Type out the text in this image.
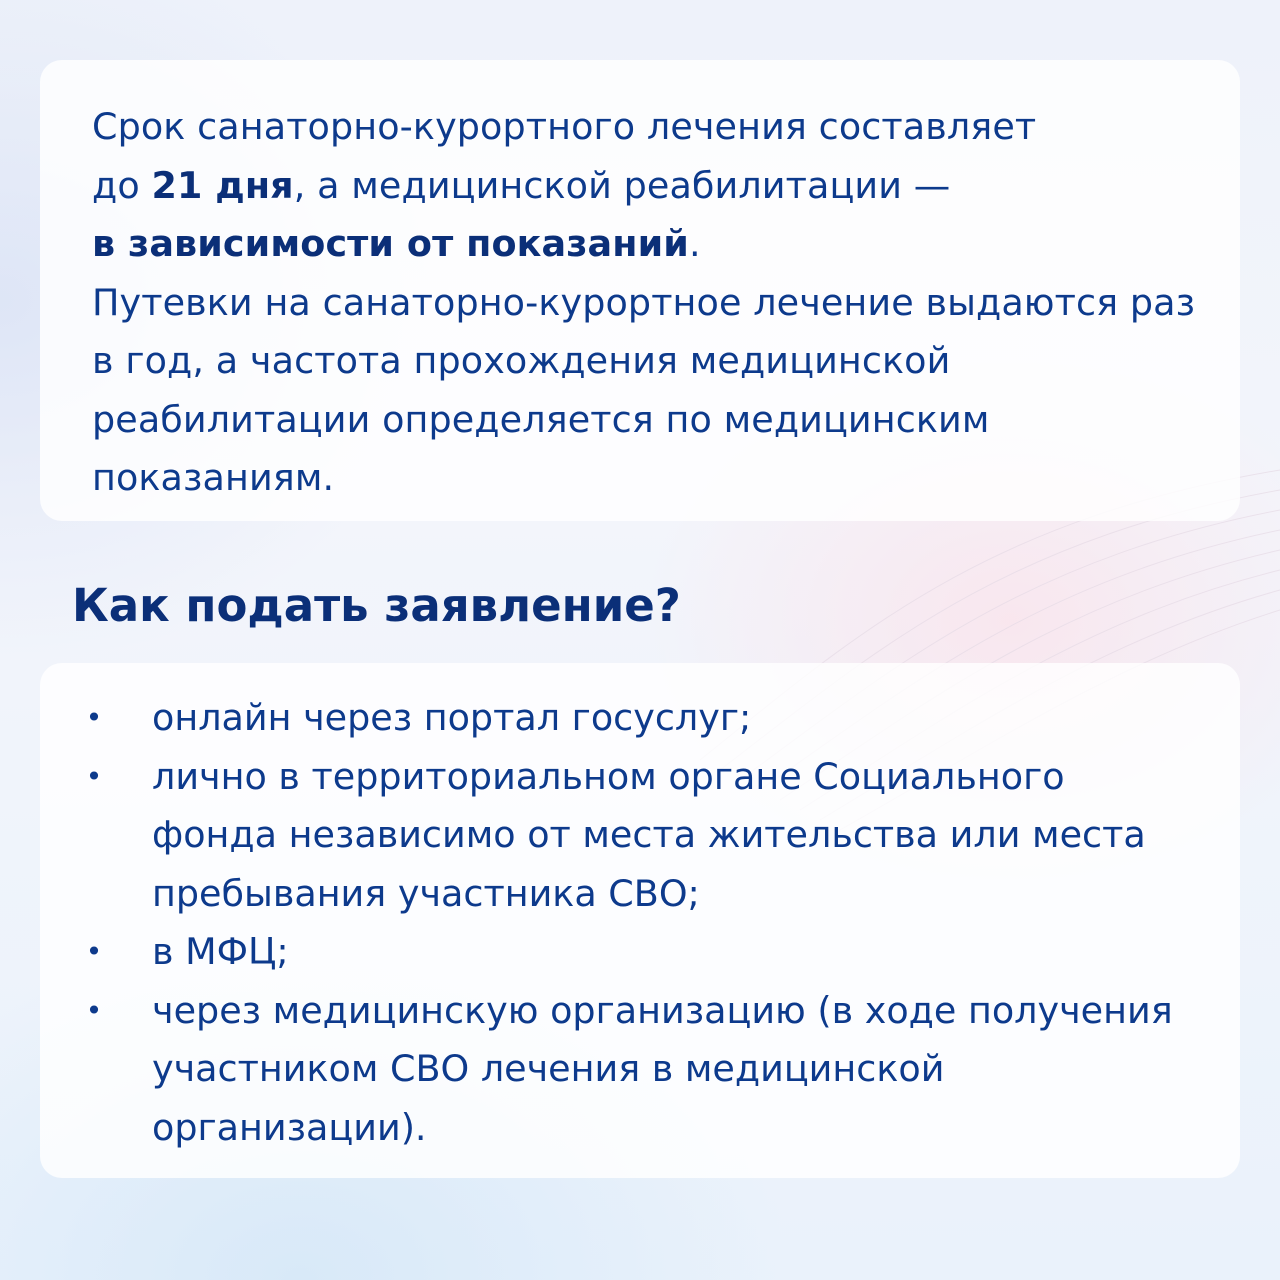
Срок санаторно-курортного лечения составляет
до 21 дня, а медицинской реабилитации —
в зависимости от показаний.

Путевки на санаторно-курортное лечение выдаются раз в год, а частота прохождения медицинской реабилитации определяется по медицинским показаниям.

Как подать заявление?
• онлайн через портал госуслуг;
• лично в территориальном органе Социального фонда независимо от места жительства или места пребывания участника СВО;
• в МФЦ;
• через медицинскую организацию (в ходе получения участником СВО лечения в медицинской организации).
